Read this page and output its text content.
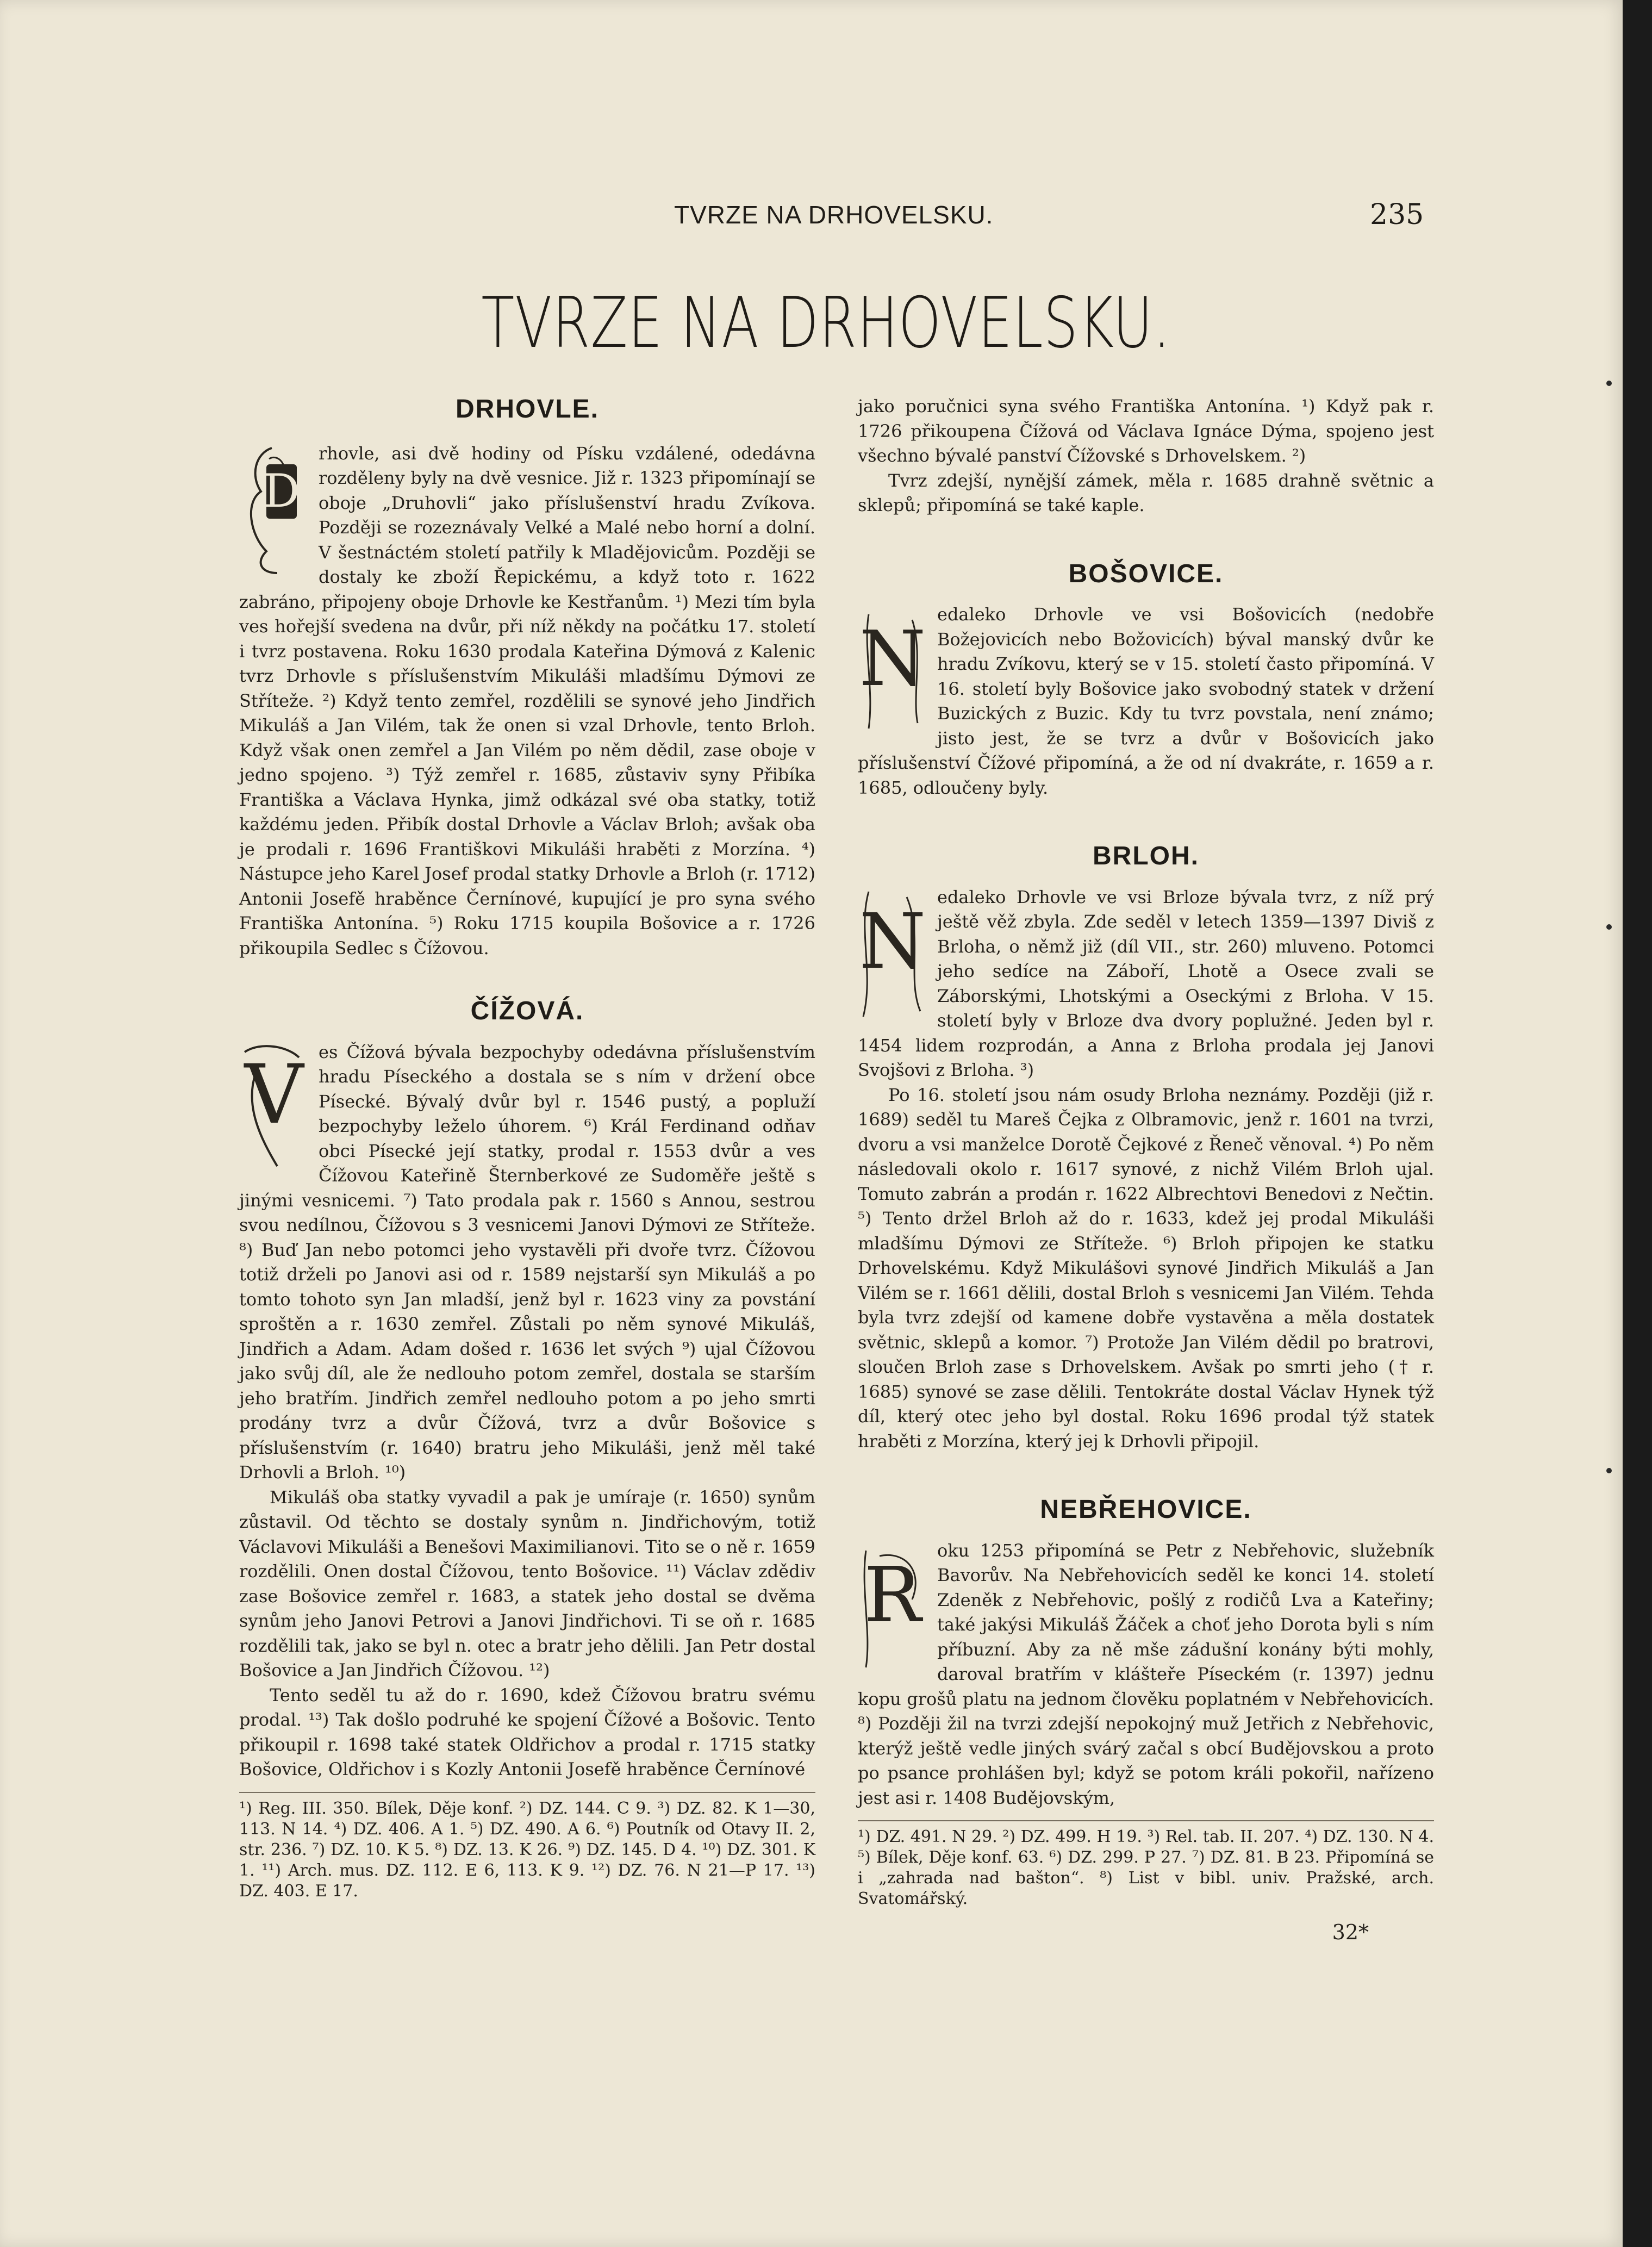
TVRZE NA DRHOVELSKU.	235
TVRZE NA DRHOVELSKU.
DRHOVLE.
D

rhovle, asi dvě hodiny od Písku vzdálené, odedávna rozděleny byly na dvě vesnice. Již r. 1323 připomínají se oboje „Druhovli“ jako příslušenství hradu Zvíkova. Později se rozeznávaly Velké a Malé nebo horní a dolní. V šestnáctém století patřily k Mladějovicům. Později se dostaly ke zboží Řepickému, a když toto r. 1622 zabráno, připojeny oboje Drhovle ke Kestřanům. ¹) Mezi tím byla ves hořejší svedena na dvůr, při níž někdy na počátku 17. století i tvrz postavena. Roku 1630 prodala Kateřina Dýmová z Kalenic tvrz Drhovle s příslušenstvím Mikuláši mladšímu Dýmovi ze Stříteže. ²) Když tento zemřel, rozdělili se synové jeho Jindřich Mikuláš a Jan Vilém, tak že onen si vzal Drhovle, tento Brloh. Když však onen zemřel a Jan Vilém po něm dědil, zase oboje v jedno spojeno. ³) Týž zemřel r. 1685, zůstaviv syny Přibíka Františka a Václava Hynka, jimž odkázal své oba statky, totiž každému jeden. Přibík dostal Drhovle a Václav Brloh; avšak oba je prodali r. 1696 Františkovi Mikuláši hraběti z Morzína. ⁴) Nástupce jeho Karel Josef prodal statky Drhovle a Brloh (r. 1712) Antonii Josefě hraběnce Černínové, kupující je pro syna svého Františka Antonína. ⁵) Roku 1715 koupila Bošovice a r. 1726 přikoupila Sedlec s Čížovou.

ČÍŽOVÁ.
V es Čížová bývala bezpochyby odedávna příslušenstvím hradu Píseckého a dostala se s ním v držení obce Písecké. Bývalý dvůr byl r. 1546 pustý, a popluží bezpochyby leželo úhorem. ⁶) Král Ferdinand odňav obci Písecké její statky, prodal r. 1553 dvůr a ves Čížovou Kateřině Šternberkové ze Sudoměře ještě s jinými vesnicemi. ⁷) Tato prodala pak r. 1560 s Annou, sestrou svou nedílnou, Čížovou s 3 vesnicemi Janovi Dýmovi ze Stříteže. ⁸) Buď Jan nebo potomci jeho vystavěli při dvoře tvrz. Čížovou totiž drželi po Janovi asi od r. 1589 nejstarší syn Mikuláš a po tomto tohoto syn Jan mladší, jenž byl r. 1623 viny za povstání sproštěn a r. 1630 zemřel. Zůstali po něm synové Mikuláš, Jindřich a Adam. Adam došed r. 1636 let svých ⁹) ujal Čížovou jako svůj díl, ale že nedlouho potom zemřel, dostala se starším jeho bratřím. Jindřich zemřel nedlouho potom a po jeho smrti prodány tvrz a dvůr Čížová, tvrz a dvůr Bošovice s příslušenstvím (r. 1640) bratru jeho Mikuláši, jenž měl také Drhovli a Brloh. ¹⁰)

Mikuláš oba statky vyvadil a pak je umíraje (r. 1650) synům zůstavil. Od těchto se dostaly synům n. Jindřichovým, totiž Václavovi Mikuláši a Benešovi Maximilianovi. Tito se o ně r. 1659 rozdělili. Onen dostal Čížovou, tento Bošovice. ¹¹) Václav zdědiv zase Bošovice zemřel r. 1683, a statek jeho dostal se dvěma synům jeho Janovi Petrovi a Janovi Jindřichovi. Ti se oň r. 1685 rozdělili tak, jako se byl n. otec a bratr jeho dělili. Jan Petr dostal Bošovice a Jan Jindřich Čížovou. ¹²)

Tento seděl tu až do r. 1690, kdež Čížovou bratru svému prodal. ¹³) Tak došlo podruhé ke spojení Čížové a Bošovic. Tento přikoupil r. 1698 také statek Oldřichov a prodal r. 1715 statky Bošovice, Oldřichov i s Kozly Antonii Josefě hraběnce Černínové

¹) Reg. III. 350. Bílek, Děje konf. ²) DZ. 144. C 9. ³) DZ. 82. K 1—30, 113. N 14. ⁴) DZ. 406. A 1. ⁵) DZ. 490. A 6. ⁶) Poutník od Otavy II. 2, str. 236. ⁷) DZ. 10. K 5. ⁸) DZ. 13. K 26. ⁹) DZ. 145. D 4. ¹⁰) DZ. 301. K 1. ¹¹) Arch. mus. DZ. 112. E 6, 113. K 9. ¹²) DZ. 76. N 21—P 17. ¹³) DZ. 403. E 17.

jako poručnici syna svého Františka Antonína. ¹) Když pak r. 1726 přikoupena Čížová od Václava Ignáce Dýma, spojeno jest všechno bývalé panství Čížovské s Drhovelskem. ²)

Tvrz zdejší, nynější zámek, měla r. 1685 drahně světnic a sklepů; připomíná se také kaple.

BOŠOVICE.
N

edaleko Drhovle ve vsi Bošovicích (nedobře Božejovicích nebo Božovicích) býval manský dvůr ke hradu Zvíkovu, který se v 15. století často připomíná. V 16. století byly Bošovice jako svobodný statek v držení Buzických z Buzic. Kdy tu tvrz povstala, není známo; jisto jest, že se tvrz a dvůr v Bošovicích jako příslušenství Čížové připomíná, a že od ní dvakráte, r. 1659 a r. 1685, odloučeny byly.

BRLOH.
N

edaleko Drhovle ve vsi Brloze bývala tvrz, z níž prý ještě věž zbyla. Zde seděl v letech 1359—1397 Diviš z Brloha, o němž již (díl VII., str. 260) mluveno. Potomci jeho sedíce na Záboří, Lhotě a Osece zvali se Záborskými, Lhotskými a Oseckými z Brloha. V 15. století byly v Brloze dva dvory poplužné. Jeden byl r. 1454 lidem rozprodán, a Anna z Brloha prodala jej Janovi Svojšovi z Brloha. ³)

Po 16. století jsou nám osudy Brloha neznámy. Později (již r. 1689) seděl tu Mareš Čejka z Olbramovic, jenž r. 1601 na tvrzi, dvoru a vsi manželce Dorotě Čejkové z Řeneč věnoval. ⁴) Po něm následovali okolo r. 1617 synové, z nichž Vilém Brloh ujal. Tomuto zabrán a prodán r. 1622 Albrechtovi Benedovi z Nečtin. ⁵) Tento držel Brloh až do r. 1633, kdež jej prodal Mikuláši mladšímu Dýmovi ze Stříteže. ⁶) Brloh připojen ke statku Drhovelskému. Když Mikulášovi synové Jindřich Mikuláš a Jan Vilém se r. 1661 dělili, dostal Brloh s vesnicemi Jan Vilém. Tehda byla tvrz zdejší od kamene dobře vystavěna a měla dostatek světnic, sklepů a komor. ⁷) Protože Jan Vilém dědil po bratrovi, sloučen Brloh zase s Drhovelskem. Avšak po smrti jeho († r. 1685) synové se zase dělili. Tentokráte dostal Václav Hynek týž díl, který otec jeho byl dostal. Roku 1696 prodal týž statek hraběti z Morzína, který jej k Drhovli připojil.

NEBŘEHOVICE.
R

oku 1253 připomíná se Petr z Nebřehovic, služebník Bavorův. Na Nebřehovicích seděl ke konci 14. století Zdeněk z Nebřehovic, pošlý z rodičů Lva a Kateřiny; také jakýsi Mikuláš Žáček a choť jeho Dorota byli s ním příbuzní. Aby za ně mše zádušní konány býti mohly, daroval bratřím v klášteře Píseckém (r. 1397) jednu kopu grošů platu na jednom člověku poplatném v Nebřehovicích. ⁸) Později žil na tvrzi zdejší nepokojný muž Jetřich z Nebřehovic, kterýž ještě vedle jiných svárý začal s obcí Budějovskou a proto po psance prohlášen byl; když se potom králi pokořil, nařízeno jest asi r. 1408 Budějovským,

¹) DZ. 491. N 29. ²) DZ. 499. H 19. ³) Rel. tab. II. 207. ⁴) DZ. 130. N 4. ⁵) Bílek, Děje konf. 63. ⁶) DZ. 299. P 27. ⁷) DZ. 81. B 23. Připomíná se i „zahrada nad bašton“. ⁸) List v bibl. univ. Pražské, arch. Svatomářský.
32*
